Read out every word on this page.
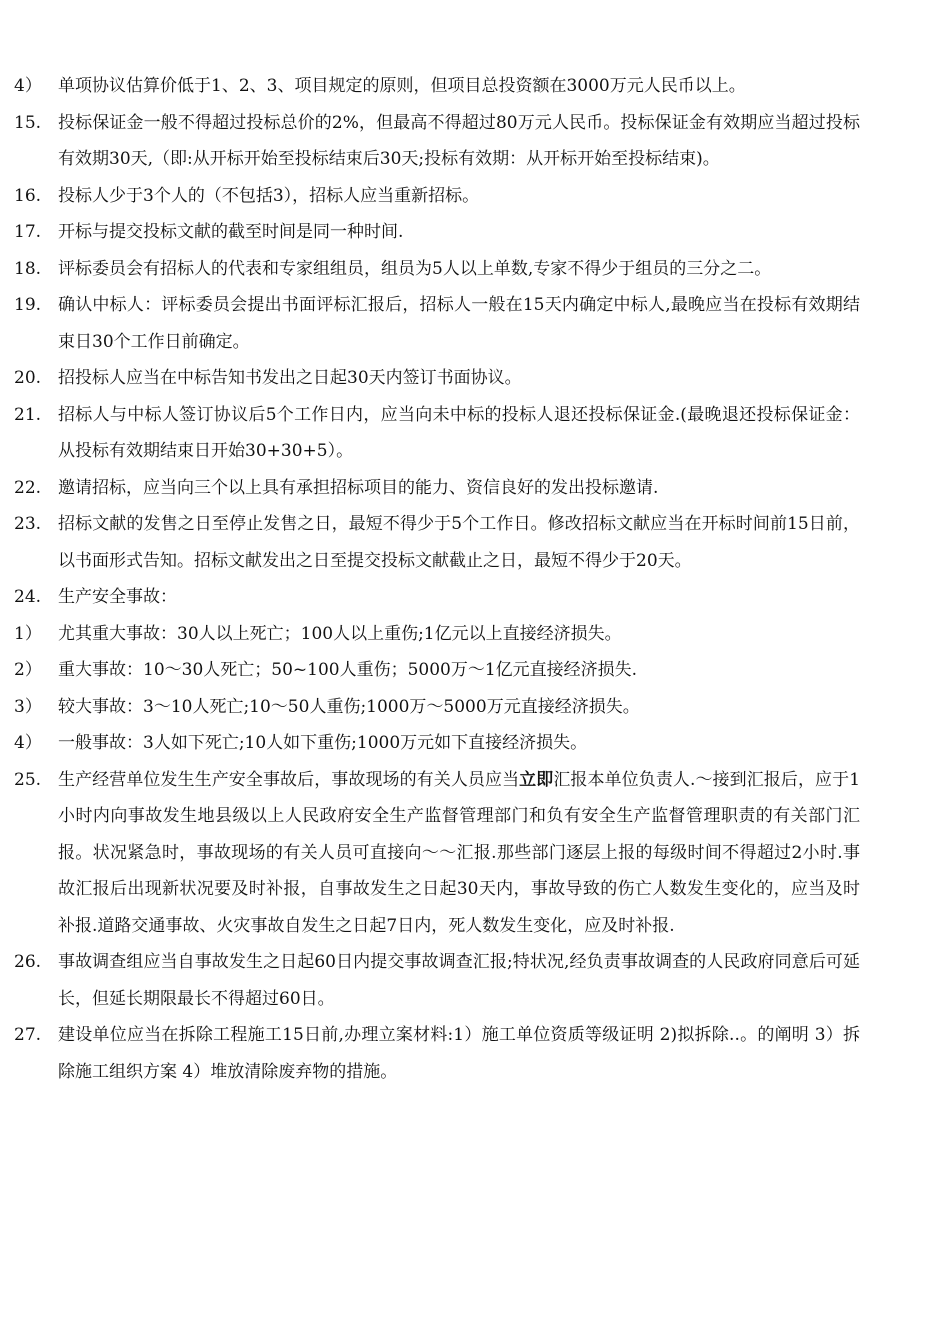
4） 单项协议估算价低于1、2、3、项目规定的原则，但项目总投资额在3000万元人民币以上。
15. 投标保证金一般不得超过投标总价的2%，但最高不得超过80万元人民币。投标保证金有效期应当超过投标有效期30天,（即:从开标开始至投标结束后30天;投标有效期：从开标开始至投标结束)。
16. 投标人少于3个人的（不包括3），招标人应当重新招标。
17. 开标与提交投标文献的截至时间是同一种时间.
18. 评标委员会有招标人的代表和专家组组员，组员为5人以上单数,专家不得少于组员的三分之二。
19. 确认中标人：评标委员会提出书面评标汇报后，招标人一般在15天内确定中标人,最晚应当在投标有效期结束日30个工作日前确定。
20. 招投标人应当在中标告知书发出之日起30天内签订书面协议。
21. 招标人与中标人签订协议后5个工作日内，应当向未中标的投标人退还投标保证金.(最晚退还投标保证金：从投标有效期结束日开始30+30+5）。
22. 邀请招标，应当向三个以上具有承担招标项目的能力、资信良好的发出投标邀请.
23. 招标文献的发售之日至停止发售之日，最短不得少于5个工作日。修改招标文献应当在开标时间前15日前，以书面形式告知。招标文献发出之日至提交投标文献截止之日，最短不得少于20天。
24. 生产安全事故：
1） 尤其重大事故：30人以上死亡；100人以上重伤;1亿元以上直接经济损失。
2） 重大事故：10～30人死亡；50~100人重伤；5000万～1亿元直接经济损失.
3） 较大事故：3～10人死亡;10～50人重伤;1000万～5000万元直接经济损失。
4） 一般事故：3人如下死亡;10人如下重伤;1000万元如下直接经济损失。
25. 生产经营单位发生生产安全事故后，事故现场的有关人员应当立即汇报本单位负责人.～接到汇报后，应于1小时内向事故发生地县级以上人民政府安全生产监督管理部门和负有安全生产监督管理职责的有关部门汇报。状况紧急时，事故现场的有关人员可直接向～～汇报.那些部门逐层上报的每级时间不得超过2小时.事故汇报后出现新状况要及时补报，自事故发生之日起30天内，事故导致的伤亡人数发生变化的，应当及时补报.道路交通事故、火灾事故自发生之日起7日内，死人数发生变化，应及时补报.
26. 事故调查组应当自事故发生之日起60日内提交事故调查汇报;特状况,经负责事故调查的人民政府同意后可延长，但延长期限最长不得超过60日。
27. 建设单位应当在拆除工程施工15日前,办理立案材料:1）施工单位资质等级证明 2)拟拆除..。的阐明 3）拆除施工组织方案 4）堆放清除废弃物的措施。
